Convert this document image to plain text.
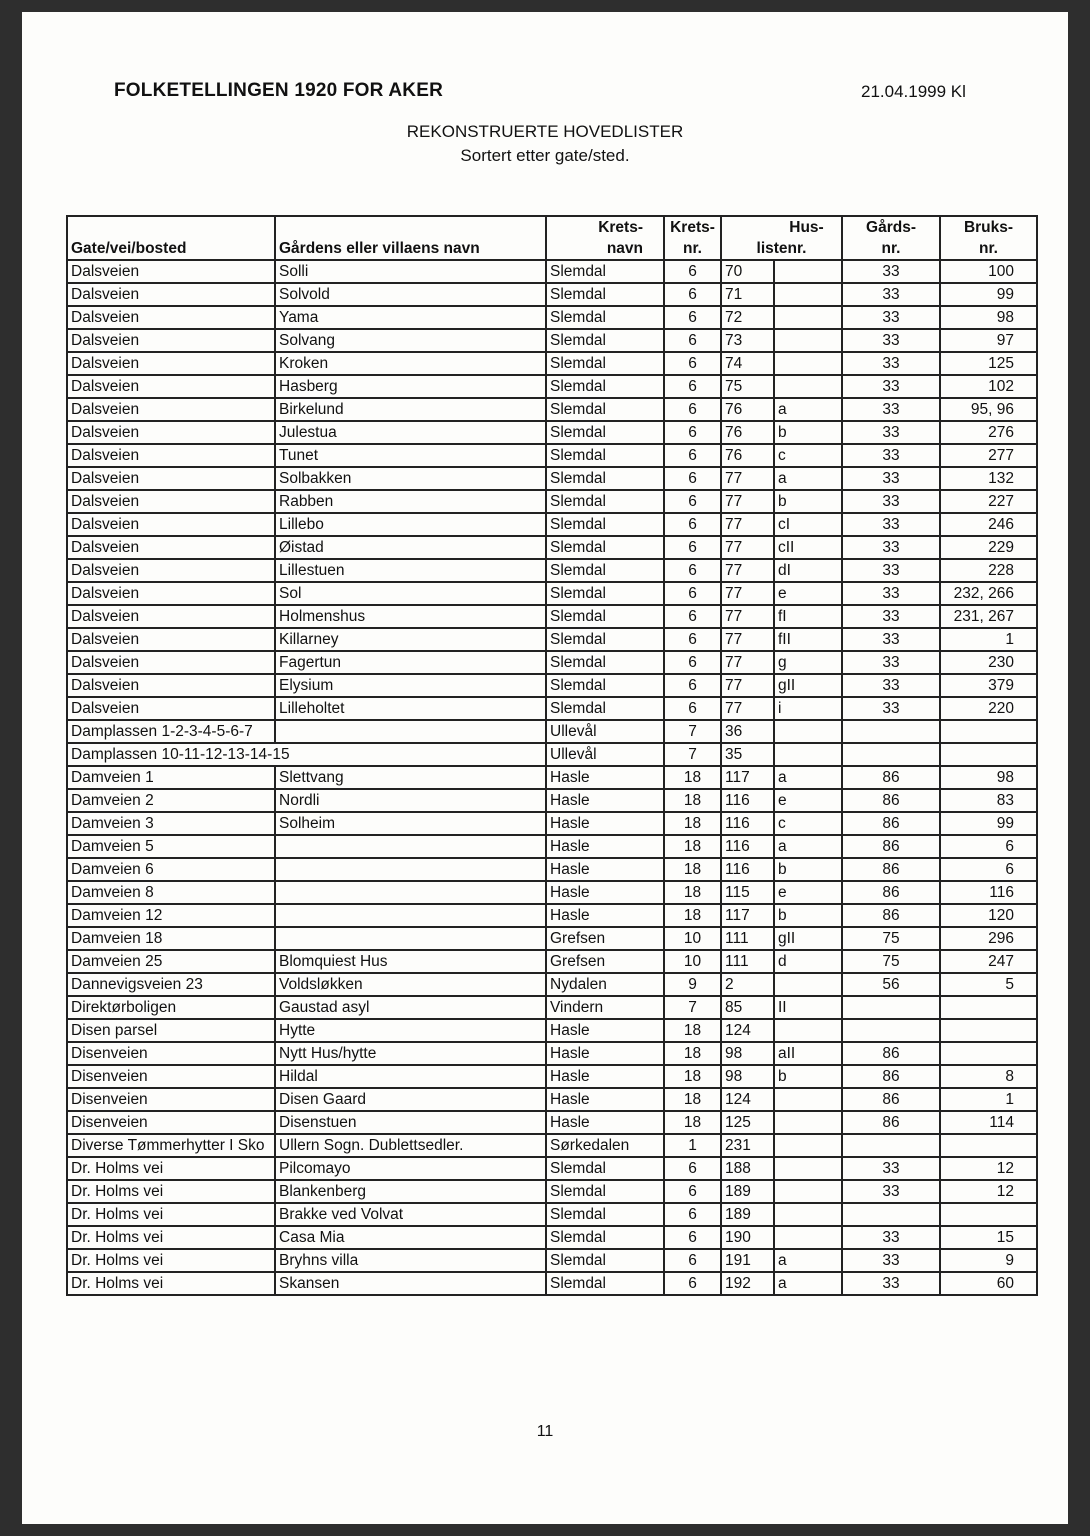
FOLKETELLINGEN 1920 FOR AKER	21.04.1999 Kl
REKONSTRUERTE HOVEDLISTER
Sortert etter gate/sted.
		Krets-	Krets-	Hus-		Gårds-	Bruks-
Gate/vei/bosted	Gårdens eller villaens navn	navn	nr.	listenr.		nr.	nr.
Dalsveien	Solli	Slemdal	6	70		33	100
Dalsveien	Solvold	Slemdal	6	71		33	99
Dalsveien	Yama	Slemdal	6	72		33	98
Dalsveien	Solvang	Slemdal	6	73		33	97
Dalsveien	Kroken	Slemdal	6	74		33	125
Dalsveien	Hasberg	Slemdal	6	75		33	102
Dalsveien	Birkelund	Slemdal	6	76	a	33	95, 96
Dalsveien	Julestua	Slemdal	6	76	b	33	276
Dalsveien	Tunet	Slemdal	6	76	c	33	277
Dalsveien	Solbakken	Slemdal	6	77	a	33	132
Dalsveien	Rabben	Slemdal	6	77	b	33	227
Dalsveien	Lillebo	Slemdal	6	77	cI	33	246
Dalsveien	Øistad	Slemdal	6	77	cII	33	229
Dalsveien	Lillestuen	Slemdal	6	77	dI	33	228
Dalsveien	Sol	Slemdal	6	77	e	33	232, 266
Dalsveien	Holmenshus	Slemdal	6	77	fI	33	231, 267
Dalsveien	Killarney	Slemdal	6	77	fII	33	1
Dalsveien	Fagertun	Slemdal	6	77	g	33	230
Dalsveien	Elysium	Slemdal	6	77	gII	33	379
Dalsveien	Lilleholtet	Slemdal	6	77	i	33	220
Damplassen 1-2-3-4-5-6-7		Ullevål	7	36			
Damplassen 10-11-12-13-14-15		Ullevål	7	35			
Damveien 1	Slettvang	Hasle	18	117	a	86	98
Damveien 2	Nordli	Hasle	18	116	e	86	83
Damveien 3	Solheim	Hasle	18	116	c	86	99
Damveien 5		Hasle	18	116	a	86	6
Damveien 6		Hasle	18	116	b	86	6
Damveien 8		Hasle	18	115	e	86	116
Damveien 12		Hasle	18	117	b	86	120
Damveien 18		Grefsen	10	111	gII	75	296
Damveien 25	Blomquiest Hus	Grefsen	10	111	d	75	247
Dannevigsveien 23	Voldsløkken	Nydalen	9	2		56	5
Direktørboligen	Gaustad asyl	Vindern	7	85	II		
Disen parsel	Hytte	Hasle	18	124			
Disenveien	Nytt Hus/hytte	Hasle	18	98	aII	86	
Disenveien	Hildal	Hasle	18	98	b	86	8
Disenveien	Disen Gaard	Hasle	18	124		86	1
Disenveien	Disenstuen	Hasle	18	125		86	114
Diverse Tømmerhytter I Sko	Ullern Sogn. Dublettsedler.	Sørkedalen	1	231			
Dr. Holms vei	Pilcomayo	Slemdal	6	188		33	12
Dr. Holms vei	Blankenberg	Slemdal	6	189		33	12
Dr. Holms vei	Brakke ved Volvat	Slemdal	6	189			
Dr. Holms vei	Casa Mia	Slemdal	6	190		33	15
Dr. Holms vei	Bryhns villa	Slemdal	6	191	a	33	9
Dr. Holms vei	Skansen	Slemdal	6	192	a	33	60
11
